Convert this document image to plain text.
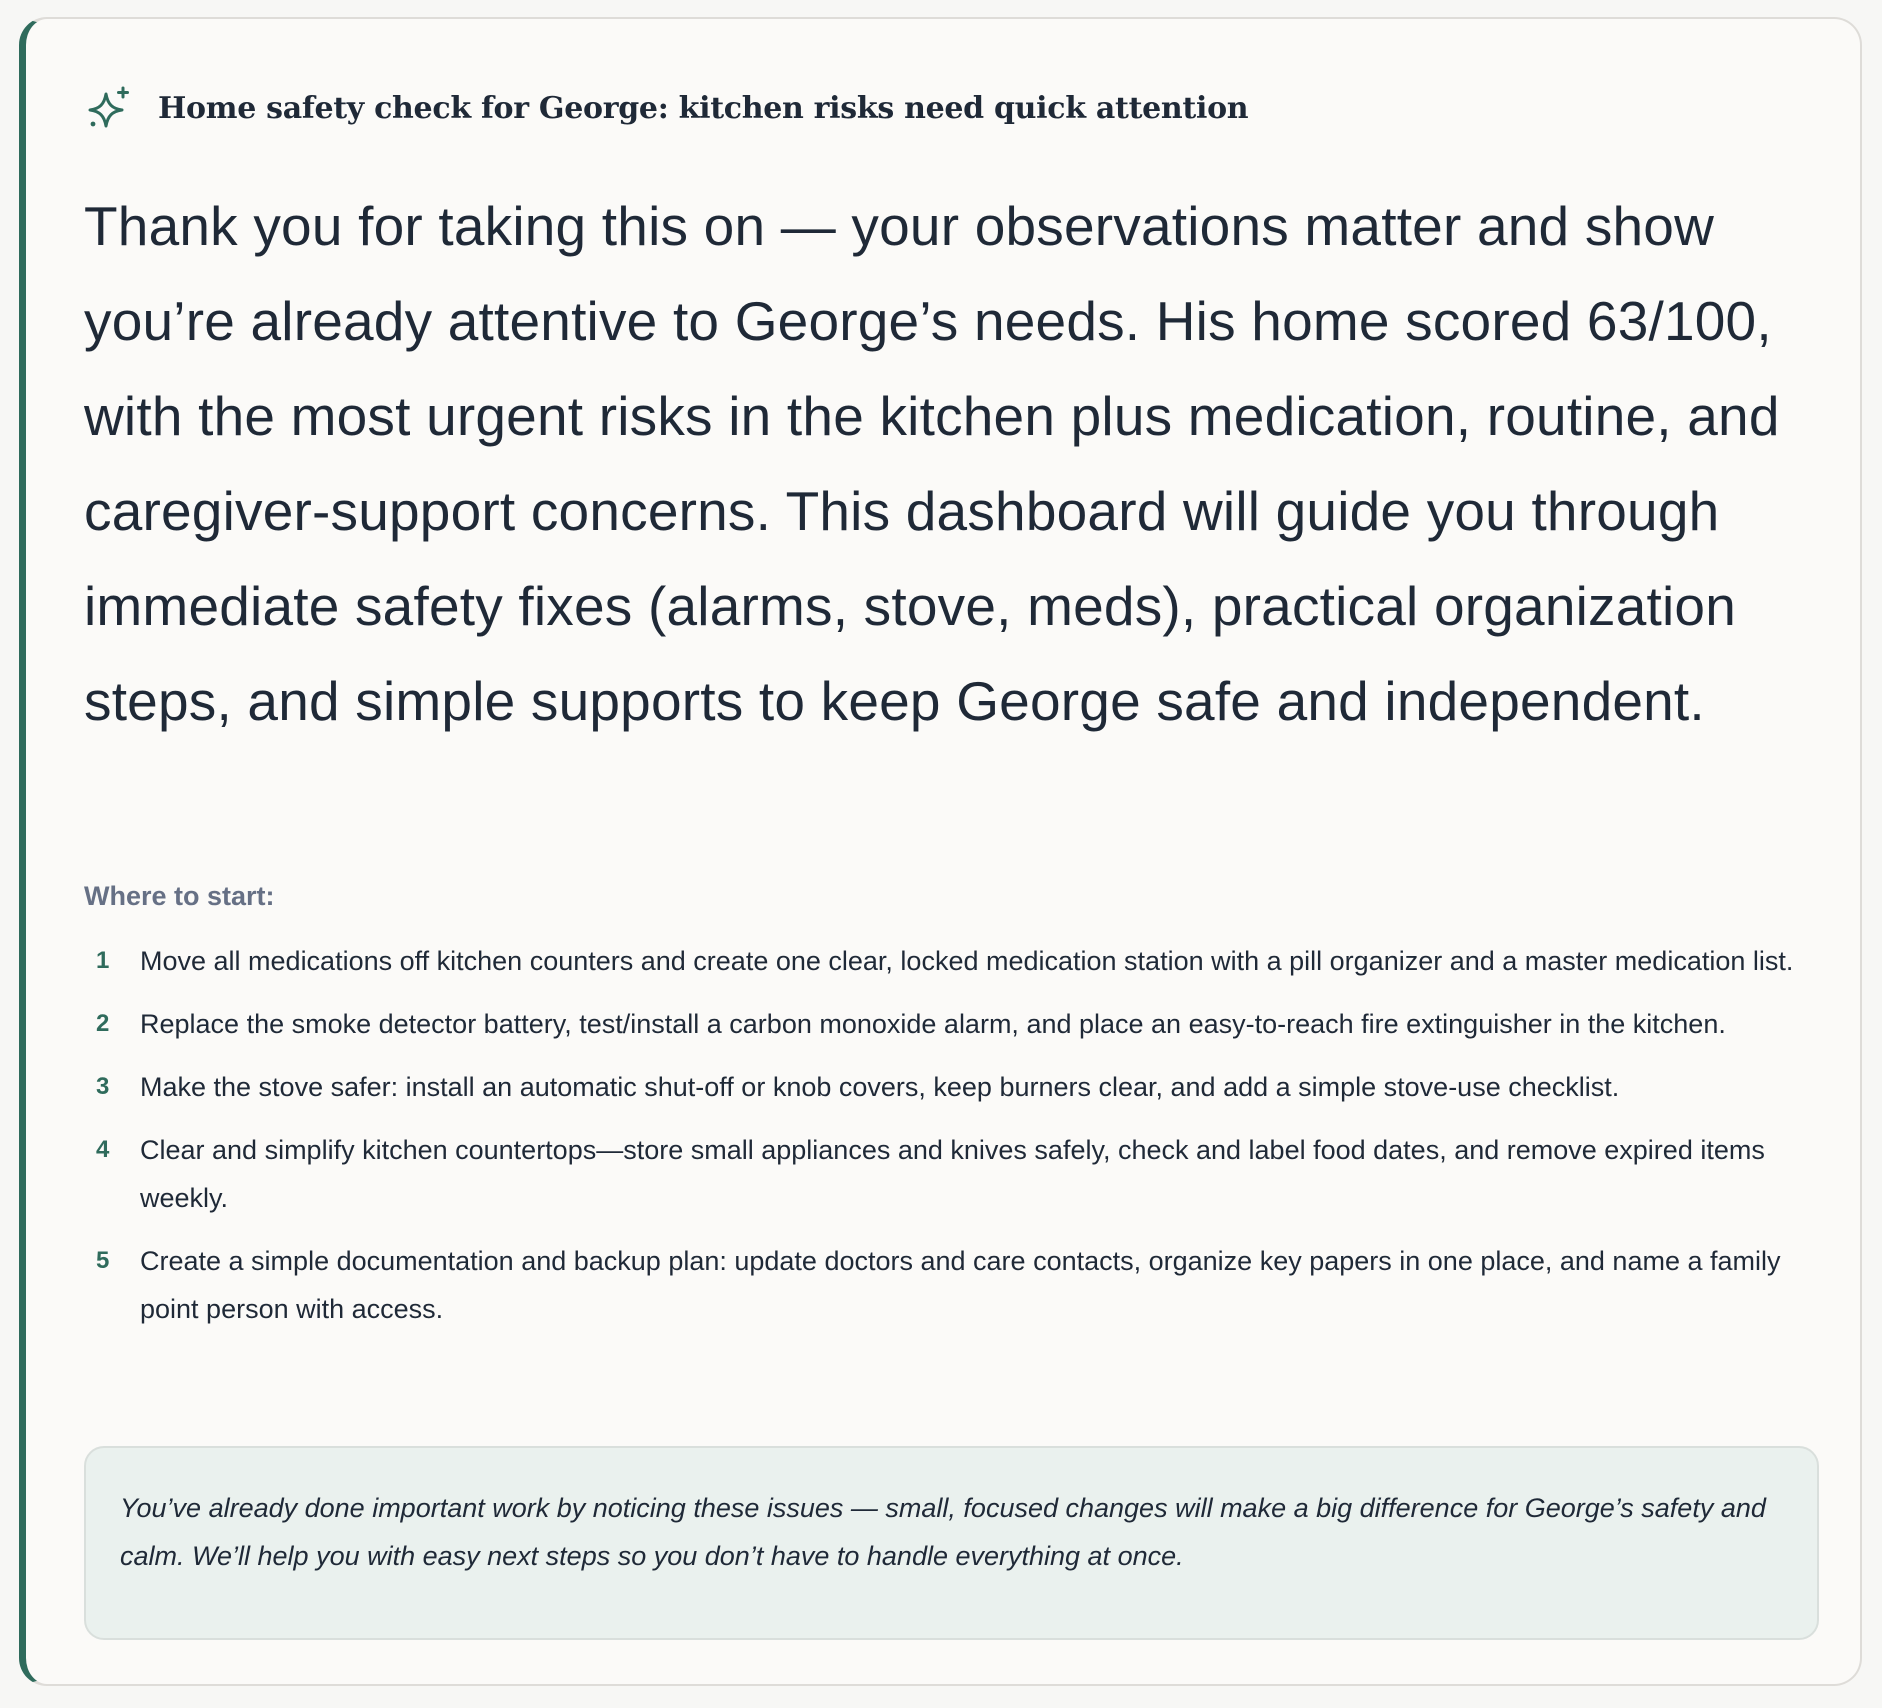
Home safety check for George: kitchen risks need quick attention

Thank you for taking this on — your observations matter and show you’re already attentive to George’s needs. His home scored 63/100, with the most urgent risks in the kitchen plus medication, routine, and caregiver-support concerns. This dashboard will guide you through immediate safety fixes (alarms, stove, meds), practical organization steps, and simple supports to keep George safe and independent.

Where to start:
1	Move all medications off kitchen counters and create one clear, locked medication station with a pill organizer and a master medication list.
2	Replace the smoke detector battery, test/install a carbon monoxide alarm, and place an easy-to-reach fire extinguisher in the kitchen.
3	Make the stove safer: install an automatic shut-off or knob covers, keep burners clear, and add a simple stove-use checklist.
4	Clear and simplify kitchen countertops—store small appliances and knives safely, check and label food dates, and remove expired items weekly.
5	Create a simple documentation and backup plan: update doctors and care contacts, organize key papers in one place, and name a family point person with access.

You’ve already done important work by noticing these issues — small, focused changes will make a big difference for George’s safety and calm. We’ll help you with easy next steps so you don’t have to handle everything at once.
